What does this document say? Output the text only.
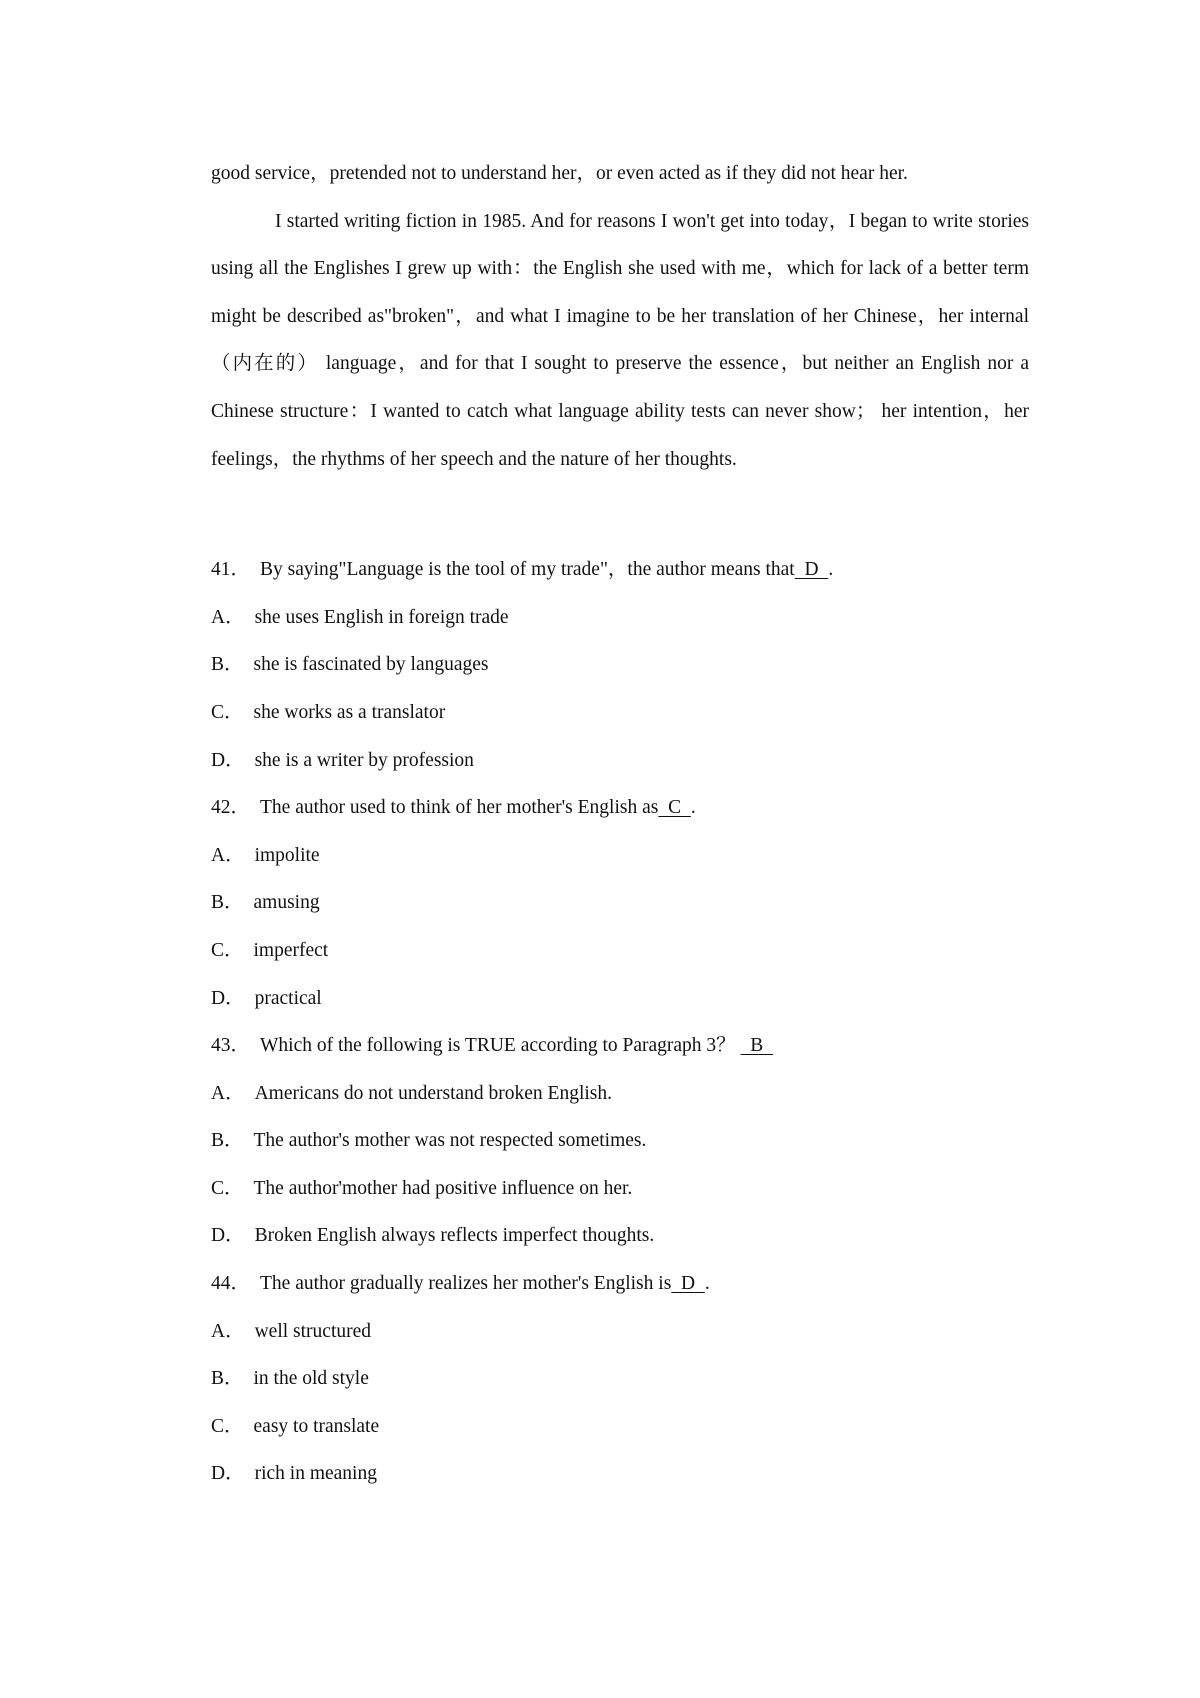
good service，pretended not to understand her，or even acted as if they did not hear her.

I started writing fiction in 1985. And for reasons I won't get into today，I began to write stories using all the Englishes I grew up with：the English she used with me，which for lack of a better term might be described as"broken"，and what I imagine to be her translation of her Chinese，her internal（内在的） language，and for that I sought to preserve the essence，but neither an English nor a Chinese structure：I wanted to catch what language ability tests can never show； her intention，her feelings，the rhythms of her speech and the nature of her thoughts.

41． By saying"Language is the tool of my trade"，the author means that  D  .
A． she uses English in foreign trade
B． she is fascinated by languages
C． she works as a translator
D． she is a writer by profession
42． The author used to think of her mother's English as  C  .
A． impolite
B． amusing
C． imperfect
D． practical
43． Which of the following is TRUE according to Paragraph 3？   B
A． Americans do not understand broken English.
B． The author's mother was not respected sometimes.
C． The author'mother had positive influence on her.
D． Broken English always reflects imperfect thoughts.
44． The author gradually realizes her mother's English is  D  .
A． well structured
B． in the old style
C． easy to translate
D． rich in meaning
